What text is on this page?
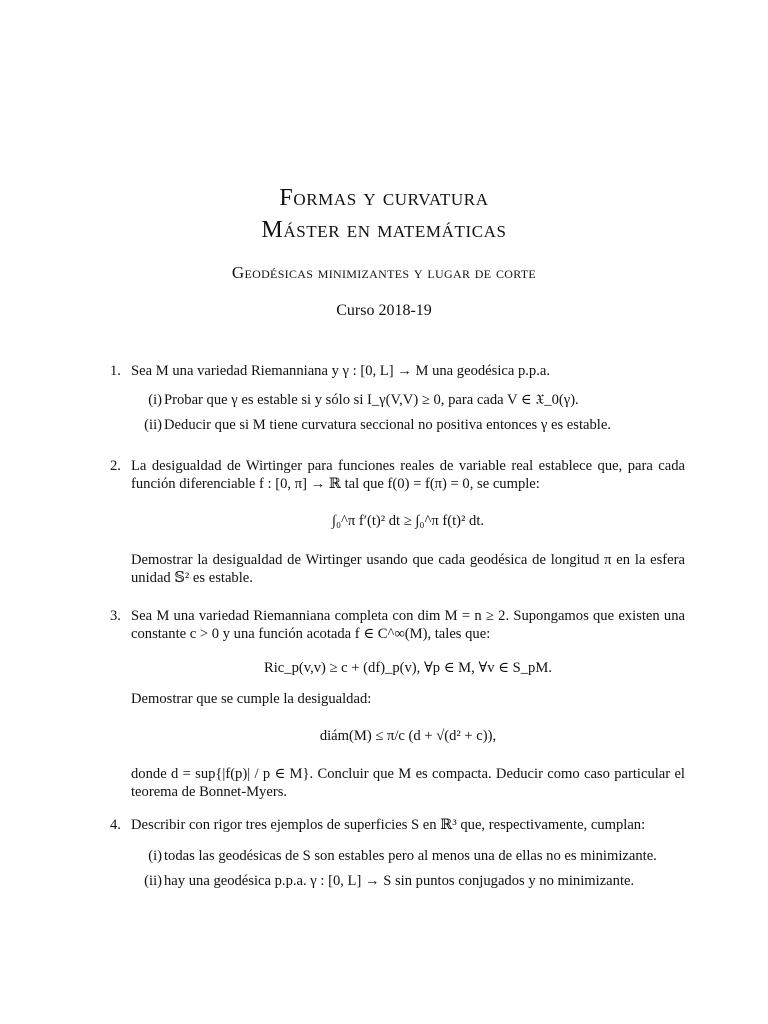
Formas y curvatura
Máster en matemáticas
Geodésicas minimizantes y lugar de corte
Curso 2018-19
1. Sea M una variedad Riemanniana y γ : [0, L] → M una geodésica p.p.a.
(i) Probar que γ es estable si y sólo si I_γ(V,V) ≥ 0, para cada V ∈ 𝔛_0(γ).
(ii) Deducir que si M tiene curvatura seccional no positiva entonces γ es estable.
2. La desigualdad de Wirtinger para funciones reales de variable real establece que, para cada función diferenciable f : [0, π] → ℝ tal que f(0) = f(π) = 0, se cumple:
∫₀^π f′(t)² dt ≥ ∫₀^π f(t)² dt.
Demostrar la desigualdad de Wirtinger usando que cada geodésica de longitud π en la esfera unidad 𝕊² es estable.
3. Sea M una variedad Riemanniana completa con dim M = n ≥ 2. Supongamos que existen una constante c > 0 y una función acotada f ∈ C^∞(M), tales que:
Ric_p(v,v) ≥ c + (df)_p(v), ∀p ∈ M, ∀v ∈ S_pM.
Demostrar que se cumple la desigualdad:
diám(M) ≤ π/c (d + √(d² + c)),
donde d = sup{|f(p)| / p ∈ M}. Concluir que M es compacta. Deducir como caso particular el teorema de Bonnet-Myers.
4. Describir con rigor tres ejemplos de superficies S en ℝ³ que, respectivamente, cumplan:
(i) todas las geodésicas de S son estables pero al menos una de ellas no es minimizante.
(ii) hay una geodésica p.p.a. γ : [0, L] → S sin puntos conjugados y no minimizante.
